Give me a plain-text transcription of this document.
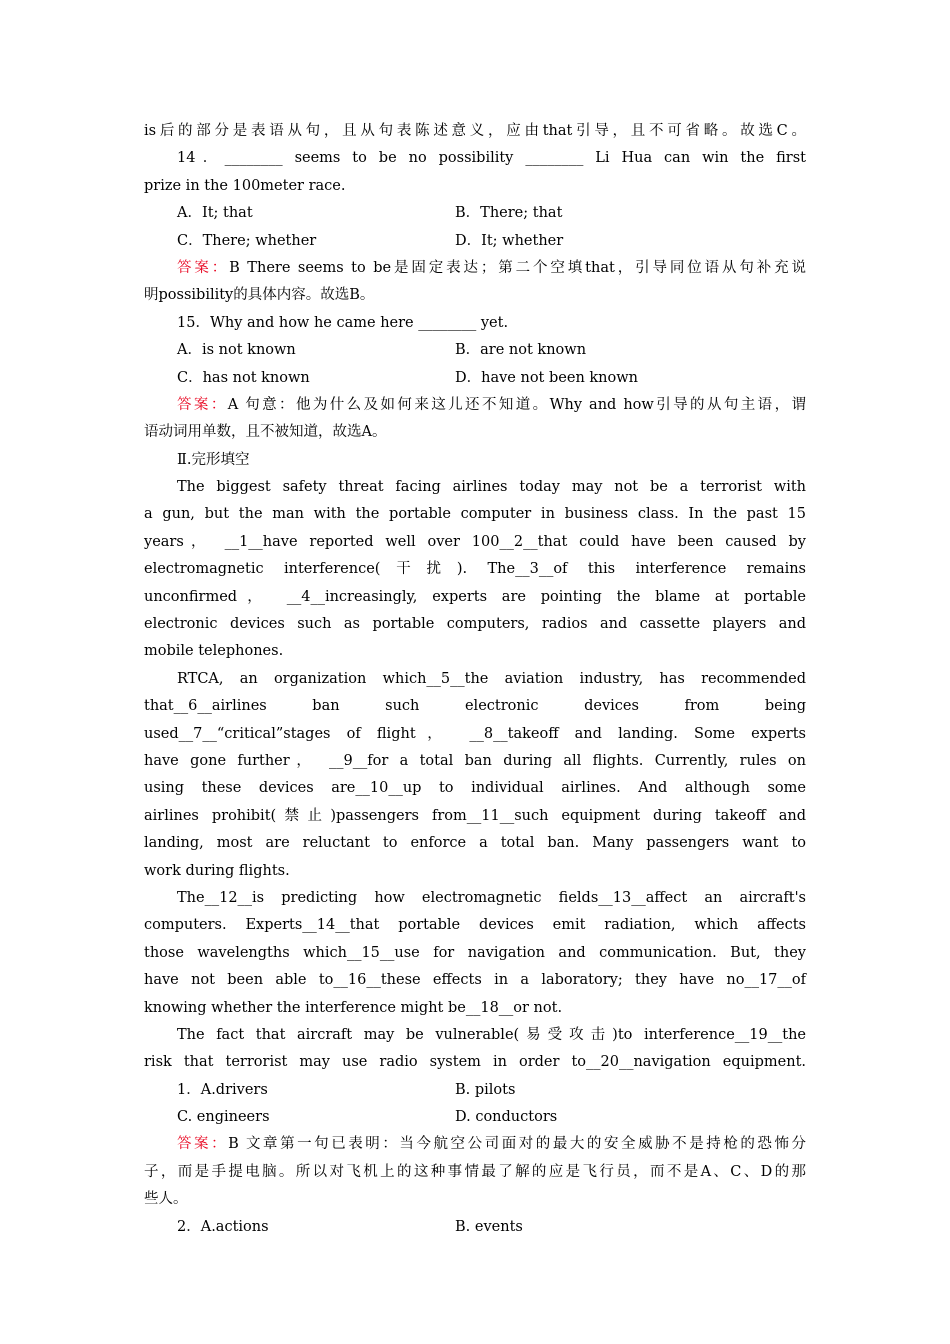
is后的部分是表语从句，且从句表陈述意义，应由that引导，且不可省略。故选C。
14．________ seems to be no possibility ________ Li Hua can win the first
prize in the 100meter race.
A．It; that	B．There; that
C．There; whether	D．It; whether
答案：B There seems to be是固定表达；第二个空填that，引导同位语从句补充说
明possibility的具体内容。故选B。
15．Why and how he came here ________ yet.
A．is not known	B．are not known
C．has not known	D．have not been known
答案：A 句意：他为什么及如何来这儿还不知道。Why and how引导的从句主语，谓
语动词用单数，且不被知道，故选A。
Ⅱ.完形填空
The biggest safety threat facing airlines today may not be a terrorist with
a gun, but the man with the portable computer in business class. In the past 15
years， __1__have reported well over 100__2__that could have been caused by
electromagnetic interference(干扰). The__3__of this interference remains
unconfirmed， __4__increasingly, experts are pointing the blame at portable
electronic devices such as portable computers, radios and cassette players and
mobile telephones.
RTCA, an organization which__5__the aviation industry, has recommended
that__6__airlines ban such electronic devices from being
used__7__“critical”stages of flight， __8__takeoff and landing. Some experts
have gone further， __9__for a total ban during all flights. Currently, rules on
using these devices are__10__up to individual airlines. And although some
airlines prohibit(禁止)passengers from__11__such equipment during takeoff and
landing, most are reluctant to enforce a total ban. Many passengers want to
work during flights.
The__12__is predicting how electromagnetic fields__13__affect an aircraft's
computers. Experts__14__that portable devices emit radiation, which affects
those wavelengths which__15__use for navigation and communication. But, they
have not been able to__16__these effects in a laboratory; they have no__17__of
knowing whether the interference might be__18__or not.
The fact that aircraft may be vulnerable(易受攻击)to interference__19__the
risk that terrorist may use radio system in order to__20__navigation equipment.
1．A.drivers	B. pilots
C. engineers	D. conductors
答案：B 文章第一句已表明：当今航空公司面对的最大的安全威胁不是持枪的恐怖分
子，而是手提电脑。所以对飞机上的这种事情最了解的应是飞行员，而不是A、C、D的那
些人。
2．A.actions	B. events
